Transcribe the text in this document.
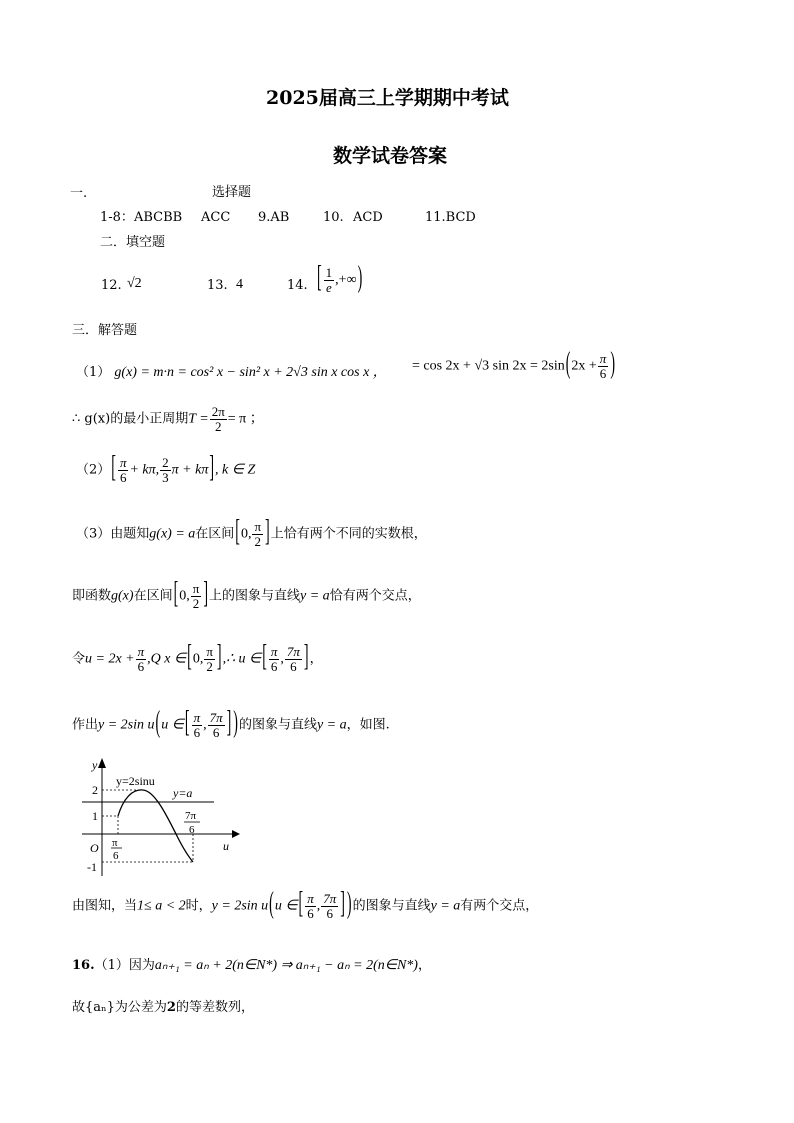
2025届高三上学期期中考试
数学试卷答案
一.	选择题
1-8：ABCBB ACC 9.AB	10. ACD	11.BCD
二．填空题
12. √2	13. 4	14. [ $\frac{1}{e}$ ,+∞)
三．解答题
（1） g(x) = m·n = cos² x − sin² x + 2√3 sin x cos x ， = cos 2x + √3 $\sin 2x = 2\sin(2x + \frac{\pi}{6}$ )
∴ g(x)的最小正周期$T = \frac{2\pi}{2} = \pi$ ；
$(2)[ \frac{\pi}{6} + k\pi$, $\frac{2}{3}$ π + kπ], k ∈ Z
（3）由题知g(x) = a在区间[0, $\frac{\pi}{2}$ ]上恰有两个不同的实数根，
即函数g(x)在区间[0, $\frac{\pi}{2}$ ]上的图象与直线y = a恰有两个交点，
令$u = 2x + \frac{\pi}{6} ,Q$ x ∈[0, $\frac{\pi}{2}$ ],∴ u ∈[ $\frac{\pi}{6}$ , $\frac{7\pi}{6}$ ]，
作出y = 2sin u(u ∈[ $\frac{\pi}{6}$ , $\frac{7\pi}{6}$ ] )的图象与直线y = a，如图.
y
u
O
y=2sinu
y=a
2
1
-1
π
6
7π
6
由图知，当1≤ a < 2时，y = 2sin u(u ∈[ $\frac{\pi}{6}$ , $\frac{7\pi}{6}$ ] )的图象与直线y = a有两个交点，
16.（1）因为aₙ₊₁ = aₙ + 2(n∈N*) ⇒ aₙ₊₁ − aₙ = 2(n∈N*)，
故{aₙ}为公差为2的等差数列，
